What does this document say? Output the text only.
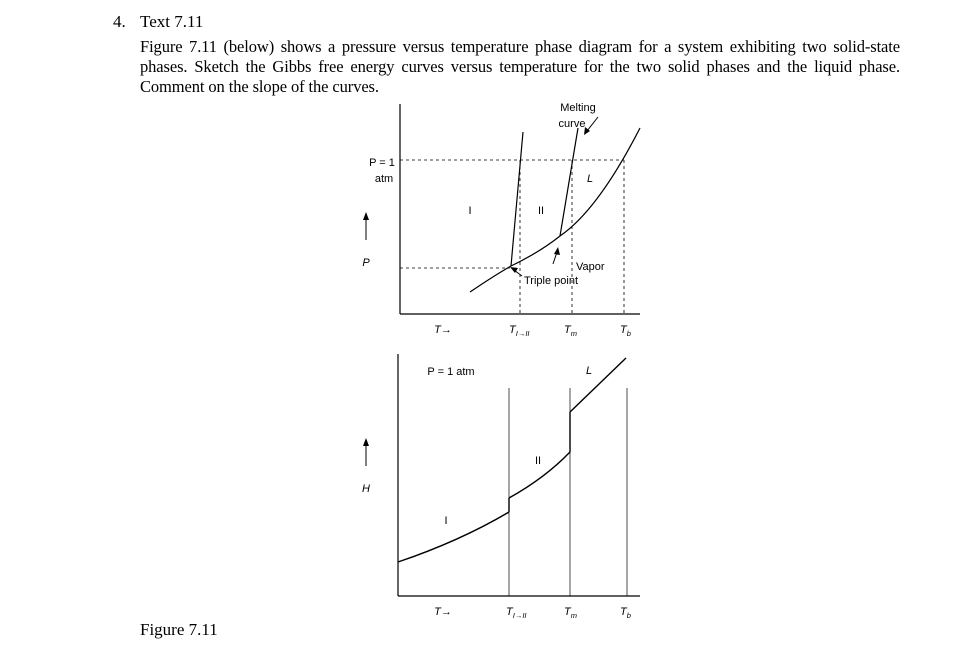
4. Text 7.11
Figure 7.11 (below) shows a pressure versus temperature phase diagram for a system exhibiting two solid-state phases. Sketch the Gibbs free energy curves versus temperature for the two solid phases and the liquid phase. Comment on the slope of the curves.
Melting
curve
P = 1
atm
P
I	II
L
Vapor
Triple point
T→	$T_{I\to II}$	$T_m$	$T_b$
P = 1 atm
H
I
II
L
T→	$T_{I\to II}$	$T_m$	$T_b$
Figure 7.11
